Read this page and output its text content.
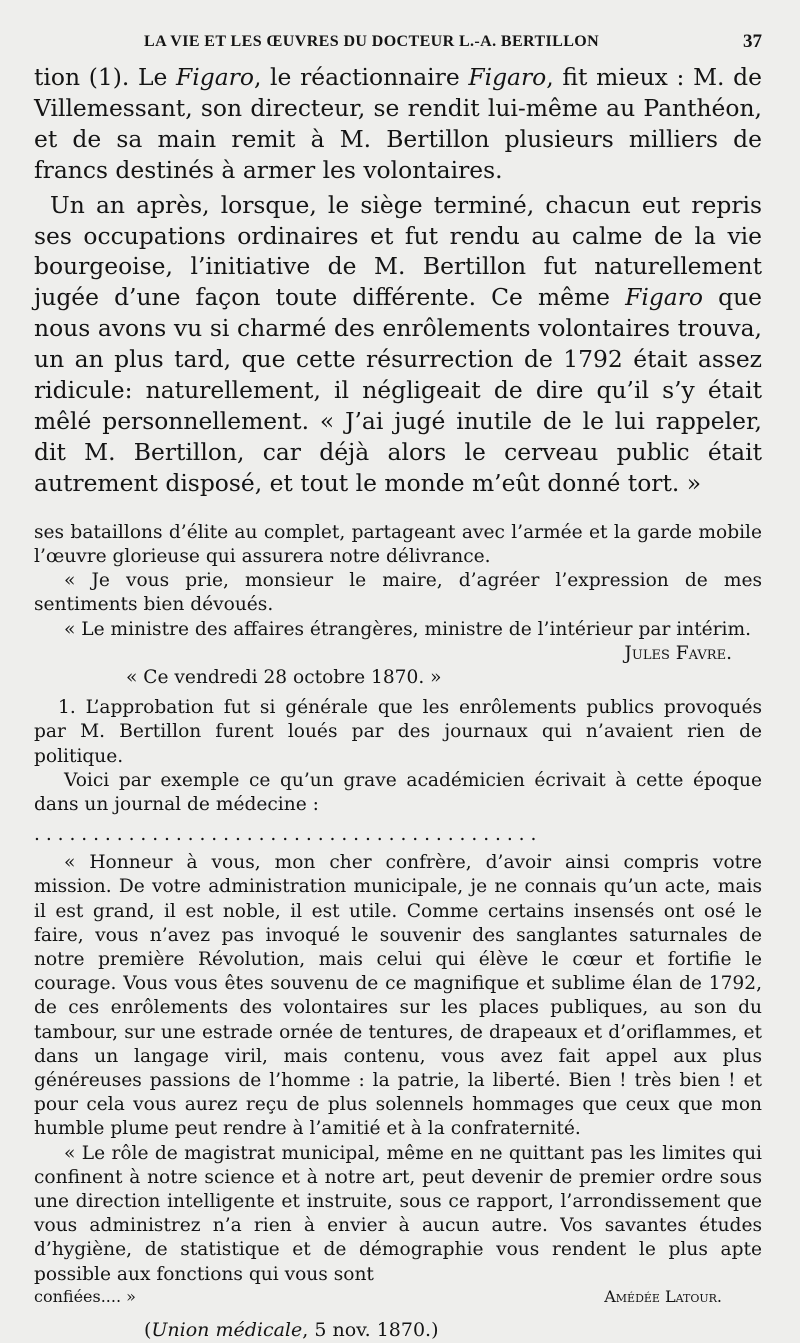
LA VIE ET LES ŒUVRES DU DOCTEUR L.-A. BERTILLON	37

tion (1). Le Figaro, le réactionnaire Figaro, fit mieux : M. de Villemessant, son directeur, se rendit lui-même au Panthéon, et de sa main remit à M. Bertillon plusieurs milliers de francs destinés à armer les volontaires.

Un an après, lorsque, le siège terminé, chacun eut repris ses occupations ordinaires et fut rendu au calme de la vie bourgeoise, l’initiative de M. Bertillon fut naturellement jugée d’une façon toute différente. Ce même Figaro que nous avons vu si charmé des enrôlements volontaires trouva, un an plus tard, que cette résurrection de 1792 était assez ridicule: naturellement, il négligeait de dire qu’il s’y était mêlé personnellement. « J’ai jugé inutile de le lui rappeler, dit M. Bertillon, car déjà alors le cerveau public était autrement disposé, et tout le monde m’eût donné tort. »

ses bataillons d’élite au complet, partageant avec l’armée et la garde mobile l’œuvre glorieuse qui assurera notre délivrance.

« Je vous prie, monsieur le maire, d’agréer l’expression de mes sentiments bien dévoués.

« Le ministre des affaires étrangères, ministre de l’intérieur par intérim.

Jules Favre.

« Ce vendredi 28 octobre 1870. »

1. L’approbation fut si générale que les enrôlements publics provoqués par M. Bertillon furent loués par des journaux qui n’avaient rien de politique.

Voici par exemple ce qu’un grave académicien écrivait à cette époque dans un journal de médecine :

. . . . . . . . . . . . . . . . . . . . . . . . . . . . . . . . . . . . . . . . . . .

« Honneur à vous, mon cher confrère, d’avoir ainsi compris votre mission. De votre administration municipale, je ne connais qu’un acte, mais il est grand, il est noble, il est utile. Comme certains insensés ont osé le faire, vous n’avez pas invoqué le souvenir des sanglantes saturnales de notre première Révolution, mais celui qui élève le cœur et fortifie le courage. Vous vous êtes souvenu de ce magnifique et sublime élan de 1792, de ces enrôlements des volontaires sur les places publiques, au son du tambour, sur une estrade ornée de tentures, de drapeaux et d’oriflammes, et dans un langage viril, mais contenu, vous avez fait appel aux plus généreuses passions de l’homme : la patrie, la liberté. Bien ! très bien ! et pour cela vous aurez reçu de plus solennels hommages que ceux que mon humble plume peut rendre à l’amitié et à la confraternité.

« Le rôle de magistrat municipal, même en ne quittant pas les limites qui confinent à notre science et à notre art, peut devenir de premier ordre sous une direction intelligente et instruite, sous ce rapport, l’arrondissement que vous administrez n’a rien à envier à aucun autre. Vos savantes études d’hygiène, de statistique et de démographie vous rendent le plus apte possible aux fonctions qui vous sont

confiées.... »	Amédée Latour.
(Union médicale, 5 nov. 1870.)
